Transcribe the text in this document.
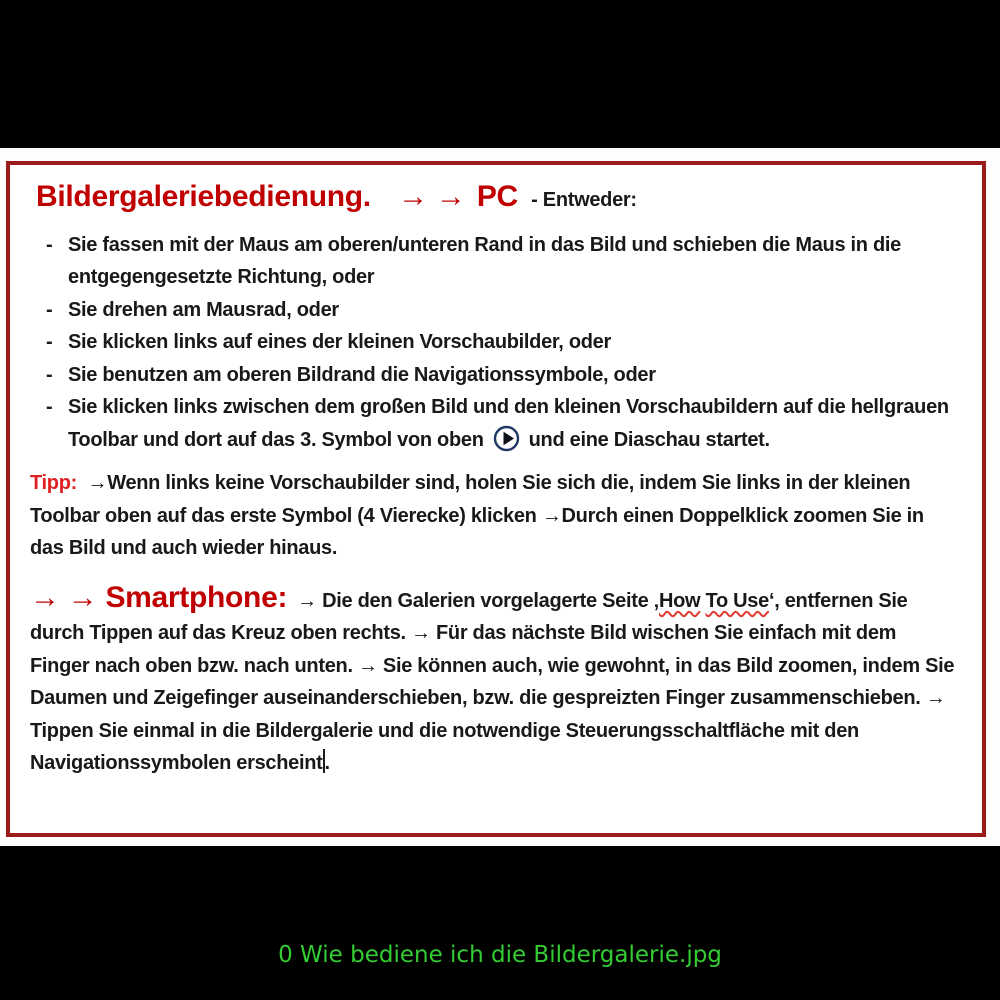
Bildergaleriebedienung. → → PC - Entweder:
- Sie fassen mit der Maus am oberen/unteren Rand in das Bild und schieben die Maus in die entgegengesetzte Richtung, oder
- Sie drehen am Mausrad, oder
- Sie klicken links auf eines der kleinen Vorschaubilder, oder
- Sie benutzen am oberen Bildrand die Navigationssymbole, oder
- Sie klicken links zwischen dem großen Bild und den kleinen Vorschaubildern auf die hellgrauen Toolbar und dort auf das 3. Symbol von oben und eine Diaschau startet.

Tipp: →Wenn links keine Vorschaubilder sind, holen Sie sich die, indem Sie links in der kleinen Toolbar oben auf das erste Symbol (4 Vierecke) klicken →Durch einen Doppelklick zoomen Sie in das Bild und auch wieder hinaus.

→ → Smartphone: → Die den Galerien vorgelagerte Seite ‚How To Use‘, entfernen Sie durch Tippen auf das Kreuz oben rechts. → Für das nächste Bild wischen Sie einfach mit dem Finger nach oben bzw. nach unten. → Sie können auch, wie gewohnt, in das Bild zoomen, indem Sie Daumen und Zeigefinger auseinanderschieben, bzw. die gespreizten Finger zusammenschieben. → Tippen Sie einmal in die Bildergalerie und die notwendige Steuerungsschaltfläche mit den Navigationssymbolen erscheint .

0 Wie bediene ich die Bildergalerie.jpg
